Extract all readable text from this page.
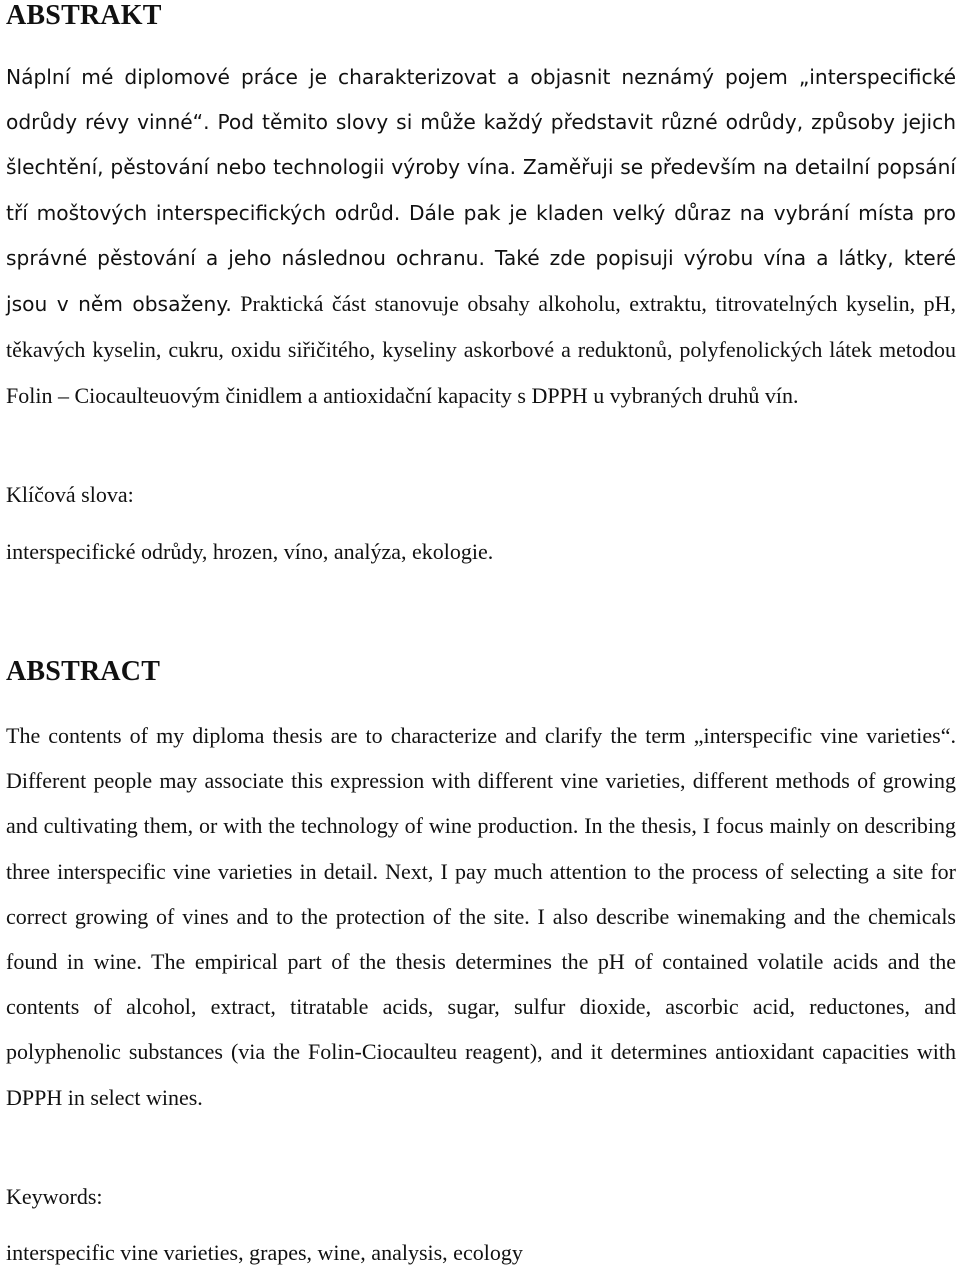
ABSTRAKT

Náplní mé diplomové práce je charakterizovat a objasnit neznámý pojem „interspecifické odrůdy révy vinné“. Pod těmito slovy si může každý představit různé odrůdy, způsoby jejich šlechtění, pěstování nebo technologii výroby vína. Zaměřuji se především na detailní popsání tří moštových interspecifických odrůd. Dále pak je kladen velký důraz na vybrání místa pro správné pěstování a jeho následnou ochranu. Také zde popisuji výrobu vína a látky, které jsou v něm obsaženy. Praktická část stanovuje obsahy alkoholu, extraktu, titrovatelných kyselin, pH, těkavých kyselin, cukru, oxidu siřičitého, kyseliny askorbové a reduktonů, polyfenolických látek metodou Folin – Ciocaulteuovým činidlem a antioxidační kapacity s DPPH u vybraných druhů vín.

Klíčová slova:

interspecifické odrůdy, hrozen, víno, analýza, ekologie.

ABSTRACT

The contents of my diploma thesis are to characterize and clarify the term „interspecific vine varieties“. Different people may associate this expression with different vine varieties, different methods of growing and cultivating them, or with the technology of wine production. In the thesis, I focus mainly on describing three interspecific vine varieties in detail. Next, I pay much attention to the process of selecting a site for correct growing of vines and to the protection of the site. I also describe winemaking and the chemicals found in wine. The empirical part of the thesis determines the pH of contained volatile acids and the contents of alcohol, extract, titratable acids, sugar, sulfur dioxide, ascorbic acid, reductones, and polyphenolic substances (via the Folin-Ciocaulteu reagent), and it determines antioxidant capacities with DPPH in select wines.

Keywords:

interspecific vine varieties, grapes, wine, analysis, ecology
